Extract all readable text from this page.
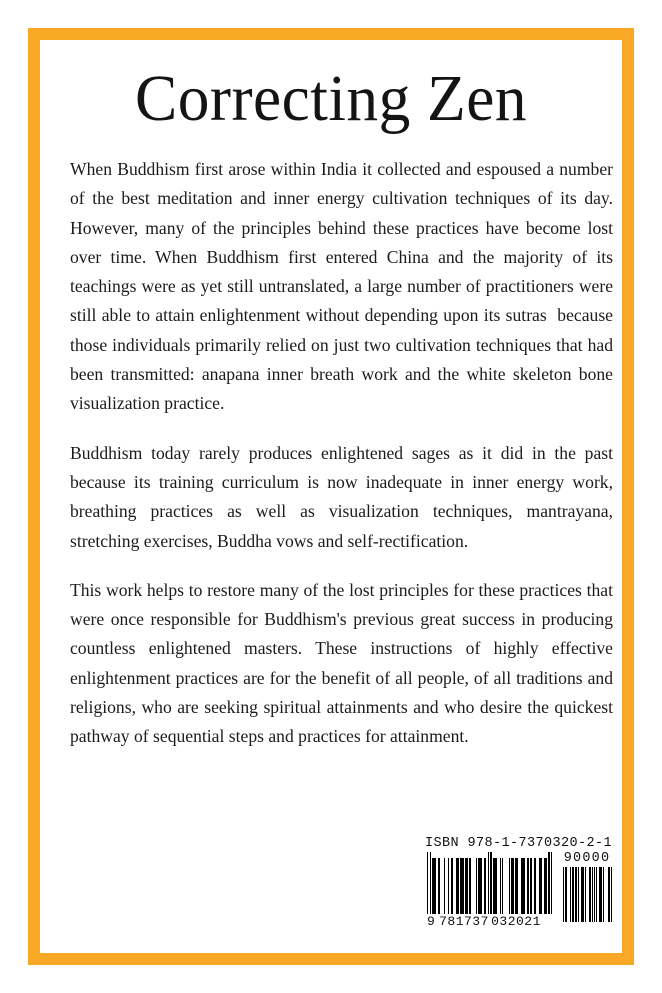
Correcting Zen

When Buddhism first arose within India it collected and espoused a number of the best meditation and inner energy cultivation techniques of its day. However, many of the principles behind these practices have become lost over time. When Buddhism first entered China and the majority of its teachings were as yet still untranslated, a large number of practitioners were still able to attain enlightenment without depending upon its sutras  because those individuals primarily relied on just two cultivation techniques that had been transmitted: anapana inner breath work and the white skeleton bone visualization practice.

Buddhism today rarely produces enlightened sages as it did in the past because its training curriculum is now inadequate in inner energy work, breathing practices as well as visualization techniques, mantrayana, stretching exercises, Buddha vows and self-rectification.

This work helps to restore many of the lost principles for these practices that were once responsible for Buddhism's previous great success in producing countless enlightened masters. These instructions of highly effective enlightenment practices are for the benefit of all people, of all traditions and religions, who are seeking spiritual attainments and who desire the quickest pathway of sequential steps and practices for attainment.

ISBN 978-1-7370320-2-1
9 781737 032021
90000
